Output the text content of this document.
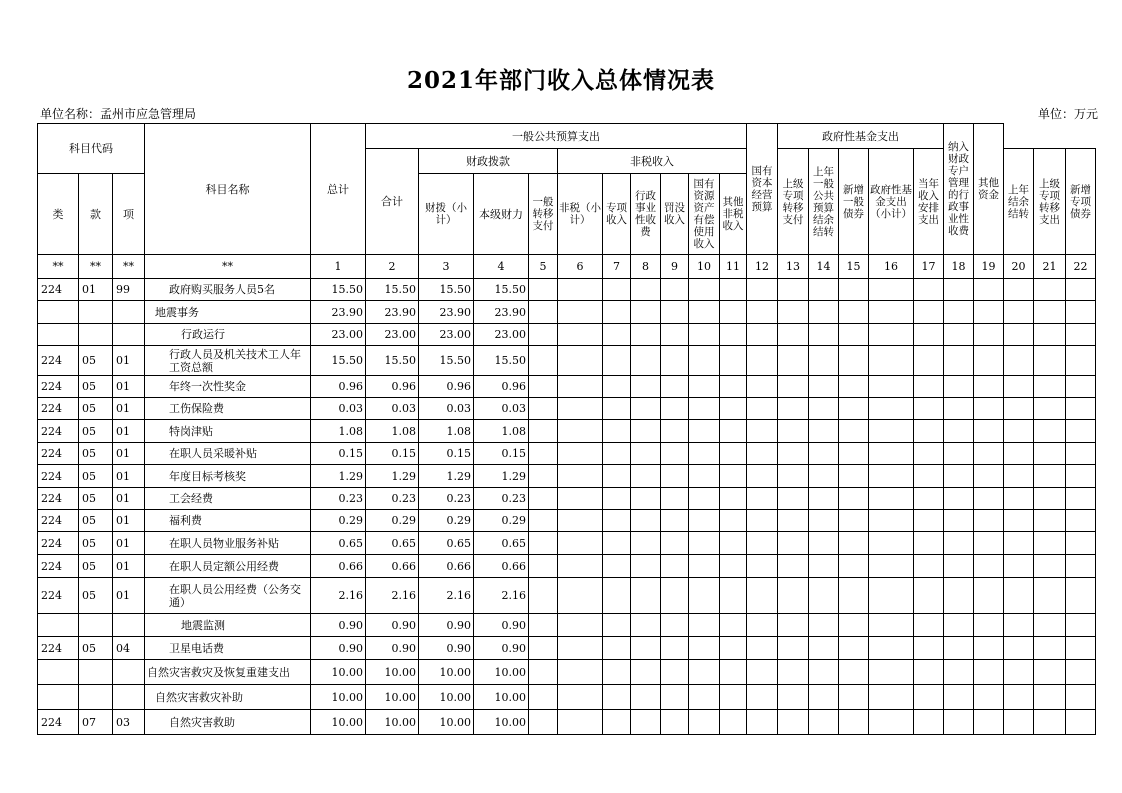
2021年部门收入总体情况表
单位名称：孟州市应急管理局	单位：万元
科目代码			科目名称	总计	一般公共预算支出										国有资本经营预算	政府性基金支出					纳入财政专户管理的行政事业性收费	其他资金			
					合计	财政拨款			非税收入							上级专项转移支付	上年一般公共预算结余结转	新增一般债券	政府性基金支出（小计）	当年收入安排支出			上年结余结转	上级专项转移支出	新增专项债券
类	款	项				财拨（小计）	本级财力	一般转移支付	非税（小计）	专项收入	行政事业性收费	罚没收入	国有资源资产有偿使用收入	其他非税收入											

**	**	**	**	1	2	3	4	5	6	7	8	9	10	11	12	13	14	15	16	17	18	19	20	21	22
224	01	99	政府购买服务人员5名	15.50	15.50	15.50	15.50																		

			地震事务	23.90	23.90	23.90	23.90																		

			行政运行	23.00	23.00	23.00	23.00																		
224	05	01	行政人员及机关技术工人年工资总额	15.50	15.50	15.50	15.50																		
224	05	01	年终一次性奖金	0.96	0.96	0.96	0.96																		
224	05	01	工伤保险费	0.03	0.03	0.03	0.03																		
224	05	01	特岗津贴	1.08	1.08	1.08	1.08																		
224	05	01	在职人员采暖补贴	0.15	0.15	0.15	0.15																		
224	05	01	年度目标考核奖	1.29	1.29	1.29	1.29																		
224	05	01	工会经费	0.23	0.23	0.23	0.23																		
224	05	01	福利费	0.29	0.29	0.29	0.29																		
224	05	01	在职人员物业服务补贴	0.65	0.65	0.65	0.65																		
224	05	01	在职人员定额公用经费	0.66	0.66	0.66	0.66																		
224	05	01	在职人员公用经费（公务交通）	2.16	2.16	2.16	2.16																		

			地震监测	0.90	0.90	0.90	0.90																		
224	05	04	卫星电话费	0.90	0.90	0.90	0.90																		

			自然灾害救灾及恢复重建支出	10.00	10.00	10.00	10.00																		

			自然灾害救灾补助	10.00	10.00	10.00	10.00																		
224	07	03	自然灾害救助	10.00	10.00	10.00	10.00																		
